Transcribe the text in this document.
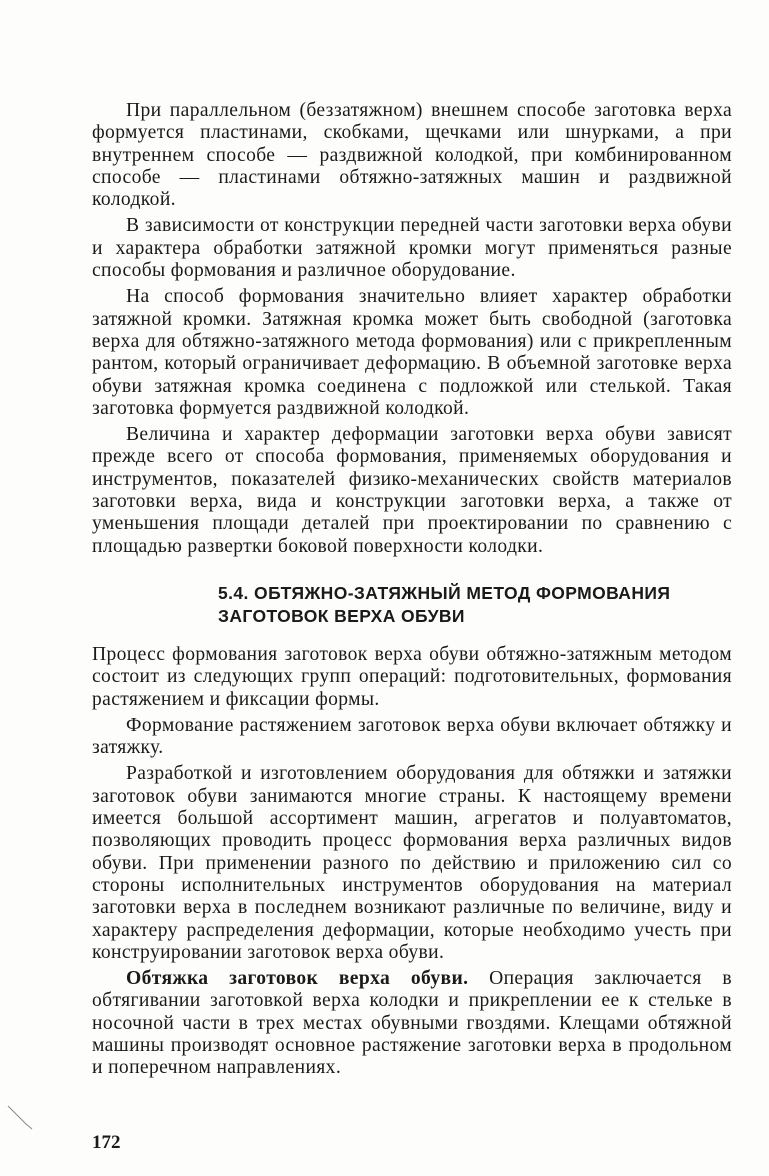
При параллельном (беззатяжном) внешнем способе заготовка верха формуется пластинами, скобками, щечками или шнурками, а при внутреннем способе — раздвижной колодкой, при комбинированном способе — пластинами обтяжно-затяжных машин и раздвижной колодкой.

В зависимости от конструкции передней части заготовки верха обуви и характера обработки затяжной кромки могут применяться разные способы формования и различное оборудование.

На способ формования значительно влияет характер обработки затяжной кромки. Затяжная кромка может быть свободной (заготовка верха для обтяжно-затяжного метода формования) или с прикрепленным рантом, который ограничивает деформацию. В объемной заготовке верха обуви затяжная кромка соединена с подложкой или стелькой. Такая заготовка формуется раздвижной колодкой.

Величина и характер деформации заготовки верха обуви зависят прежде всего от способа формования, применяемых оборудования и инструментов, показателей физико-механических свойств материалов заготовки верха, вида и конструкции заготовки верха, а также от уменьшения площади деталей при проектировании по сравнению с площадью развертки боковой поверхности колодки.

5.4. ОБТЯЖНО-ЗАТЯЖНЫЙ МЕТОД ФОРМОВАНИЯ
ЗАГОТОВОК ВЕРХА ОБУВИ

Процесс формования заготовок верха обуви обтяжно-затяжным методом состоит из следующих групп операций: подготовительных, формования растяжением и фиксации формы.

Формование растяжением заготовок верха обуви включает обтяжку и затяжку.

Разработкой и изготовлением оборудования для обтяжки и затяжки заготовок обуви занимаются многие страны. К настоящему времени имеется большой ассортимент машин, агрегатов и полуавтоматов, позволяющих проводить процесс формования верха различных видов обуви. При применении разного по действию и приложению сил со стороны исполнительных инструментов оборудования на материал заготовки верха в последнем возникают различные по величине, виду и характеру распределения деформации, которые необходимо учесть при конструировании заготовок верха обуви.

Обтяжка заготовок верха обуви. Операция заключается в обтягивании заготовкой верха колодки и прикреплении ее к стельке в носочной части в трех местах обувными гвоздями. Клещами обтяжной машины производят основное растяжение заготовки верха в продольном и поперечном направлениях.

172
